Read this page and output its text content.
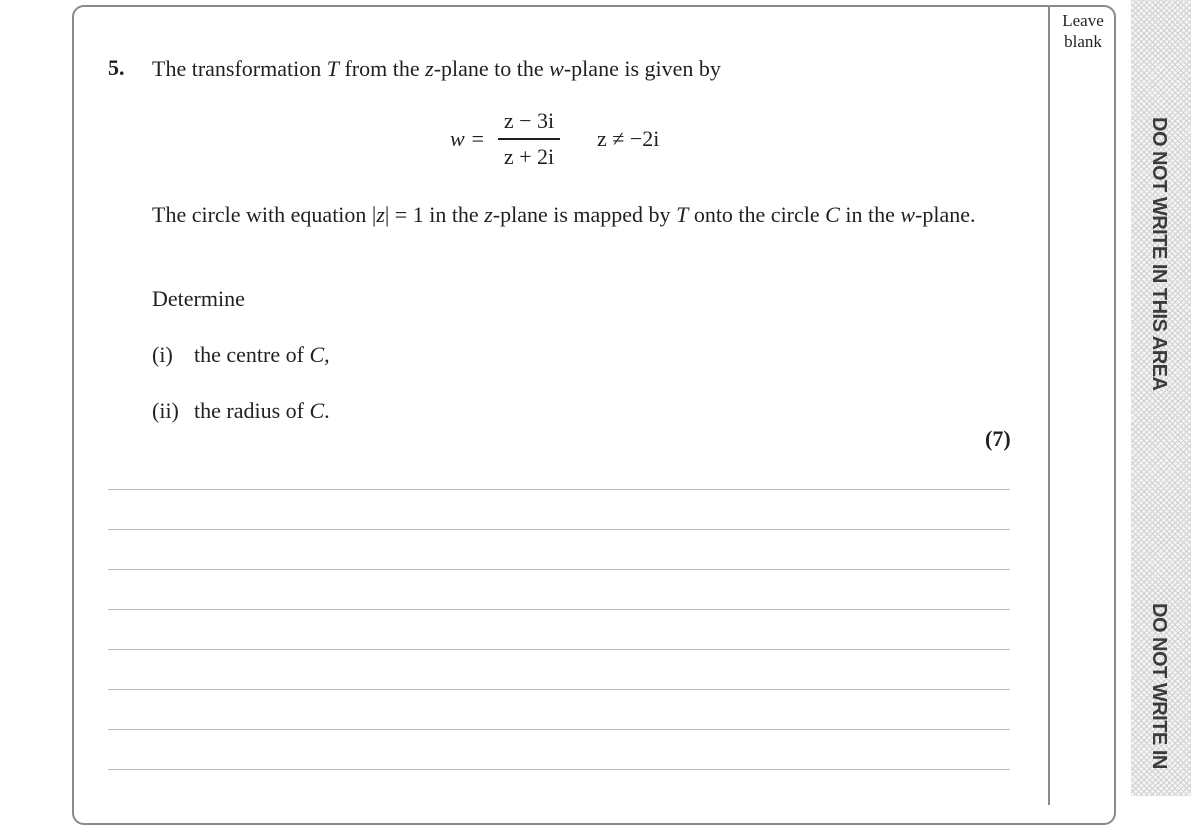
DO NOT WRITE IN THIS AREA
DO NOT WRITE IN
Leave
blank
5. The transformation T from the z-plane to the w-plane is given by
w =
z − 3i
z + 2i
z ≠ −2i
The circle with equation |z| = 1 in the z-plane is mapped by T onto the circle C in the w-plane.
Determine
(i) the centre of C,
(ii) the radius of C.
(7)
